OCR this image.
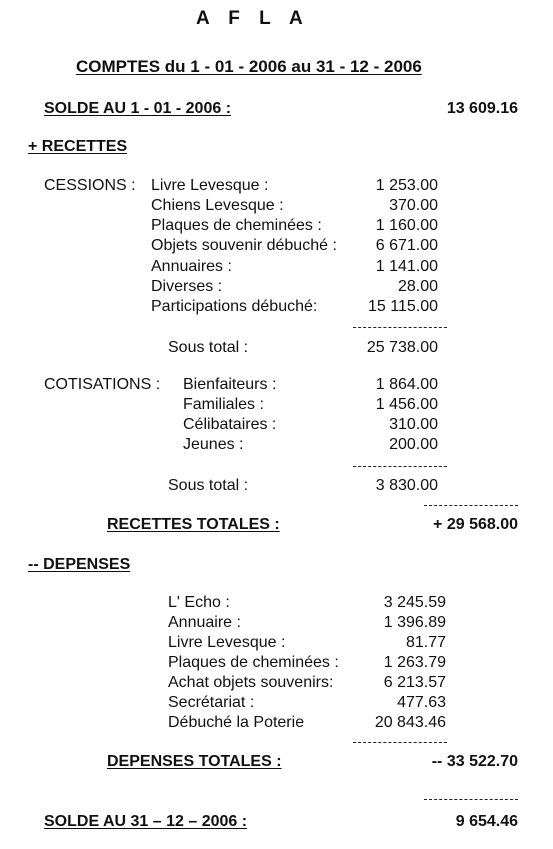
A F L A
COMPTES du 1 - 01 - 2006 au 31 - 12 - 2006
SOLDE AU 1 - 01 - 2006 :	13 609.16
+ RECETTES
CESSIONS : Livre Levesque :	1 253.00
Chiens Levesque :	370.00
Plaques de cheminées :	1 160.00
Objets souvenir débuché :	6 671.00
Annuaires :	1 141.00
Diverses :	28.00
Participations débuché:	15 115.00
Sous total :	25 738.00
COTISATIONS : Bienfaiteurs :	1 864.00
Familiales :	1 456.00
Célibataires :	310.00
Jeunes :	200.00
Sous total :	3 830.00
RECETTES TOTALES :	+ 29 568.00
-- DEPENSES
L' Echo :	3 245.59
Annuaire :	1 396.89
Livre Levesque :	81.77
Plaques de cheminées :	1 263.79
Achat objets souvenirs:	6 213.57
Secrétariat :	477.63
Débuché la Poterie	20 843.46
DEPENSES TOTALES :	-- 33 522.70
SOLDE AU 31 – 12 – 2006 :	9 654.46
